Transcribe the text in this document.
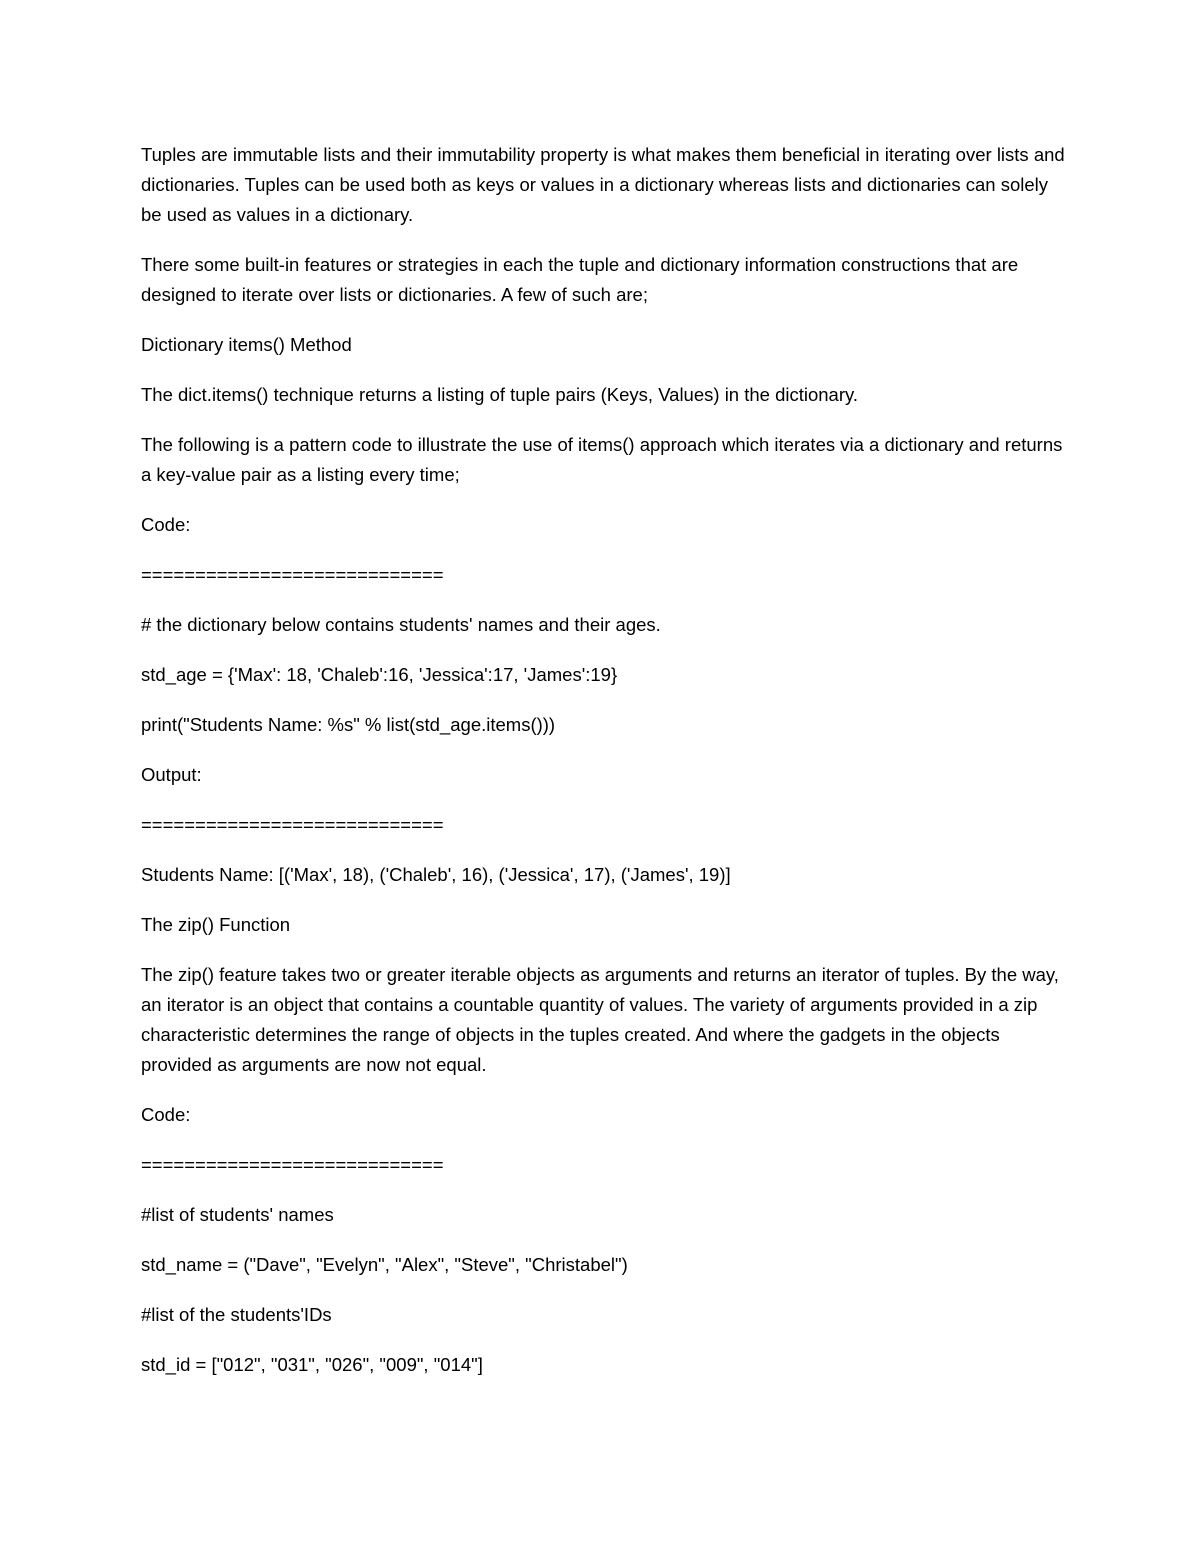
Tuples are immutable lists and their immutability property is what makes them beneficial in iterating over lists and dictionaries. Tuples can be used both as keys or values in a dictionary whereas lists and dictionaries can solely be used as values in a dictionary.

There some built-in features or strategies in each the tuple and dictionary information constructions that are designed to iterate over lists or dictionaries. A few of such are;

Dictionary items() Method

The dict.items() technique returns a listing of tuple pairs (Keys, Values) in the dictionary.

The following is a pattern code to illustrate the use of items() approach which iterates via a dictionary and returns a key-value pair as a listing every time;

Code:

============================

# the dictionary below contains students' names and their ages.

std_age = {'Max': 18, 'Chaleb':16, 'Jessica':17, 'James':19}

print("Students Name: %s" % list(std_age.items()))

Output:

============================

Students Name: [('Max', 18), ('Chaleb', 16), ('Jessica', 17), ('James', 19)]

The zip() Function

The zip() feature takes two or greater iterable objects as arguments and returns an iterator of tuples. By the way, an iterator is an object that contains a countable quantity of values. The variety of arguments provided in a zip characteristic determines the range of objects in the tuples created. And where the gadgets in the objects provided as arguments are now not equal.

Code:

============================

#list of students' names

std_name = ("Dave", "Evelyn", "Alex", "Steve", "Christabel")

#list of the students'IDs

std_id = ["012", "031", "026", "009", "014"]
